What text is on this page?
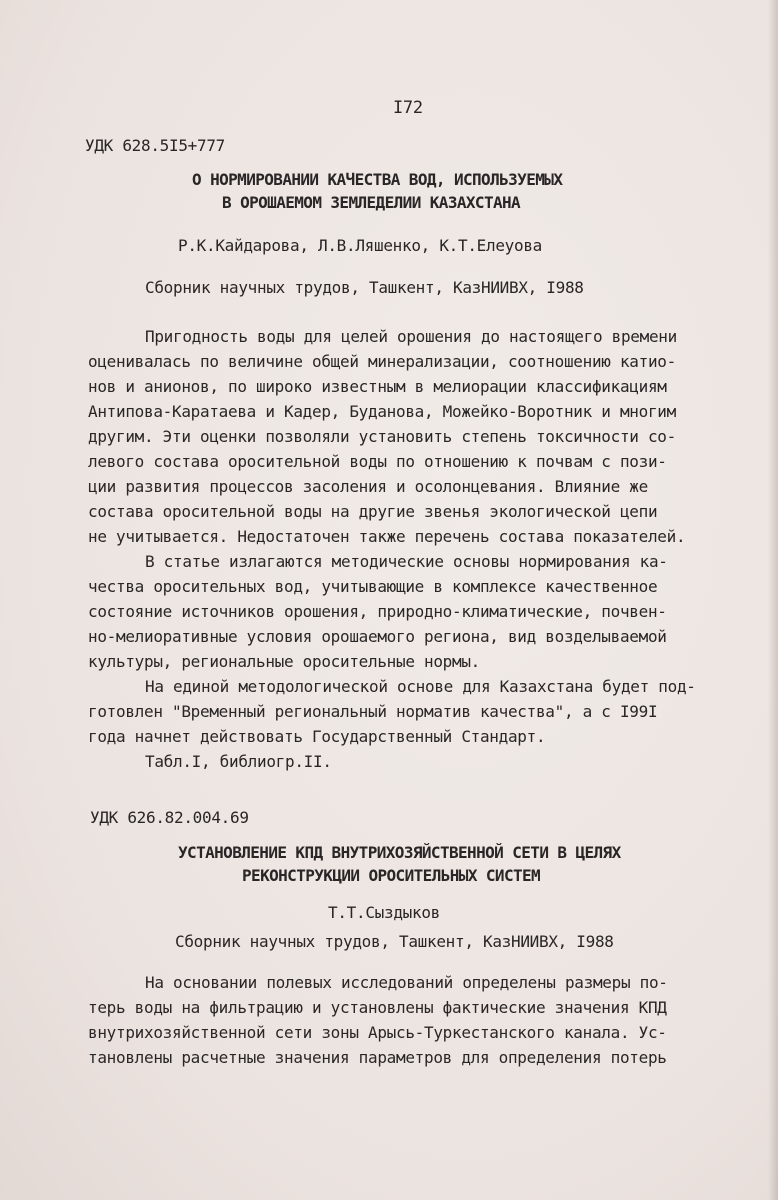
I72
УДК 628.5I5+777
О НОРМИРОВАНИИ КАЧЕСТВА ВОД, ИСПОЛЬЗУЕМЫХ
В ОРОШАЕМОМ ЗЕМЛЕДЕЛИИ КАЗАХСТАНА
Р.К.Кайдарова, Л.В.Ляшенко, К.Т.Елеуова
Сборник научных трудов, Ташкент, КазНИИВХ, I988
Пригодность воды для целей орошения до настоящего времени
оценивалась по величине общей минерализации, соотношению катио-
нов и анионов, по широко известным в мелиорации классификациям
Антипова-Каратаева и Кадер, Буданова, Можейко-Воротник и многим
другим. Эти оценки позволяли установить степень токсичности со-
левого состава оросительной воды по отношению к почвам с пози-
ции развития процессов засоления и осолонцевания. Влияние же
состава оросительной воды на другие звенья экологической цепи
не учитывается. Недостаточен также перечень состава показателей.
В статье излагаются методические основы нормирования ка-
чества оросительных вод, учитывающие в комплексе качественное
состояние источников орошения, природно-климатические, почвен-
но-мелиоративные условия орошаемого региона, вид возделываемой
культуры, региональные оросительные нормы.
На единой методологической основе для Казахстана будет под-
готовлен "Временный региональный норматив качества", а с I99I
года начнет действовать Государственный Стандарт.
Табл.I, библиогр.II.
УДК 626.82.004.69
УСТАНОВЛЕНИЕ КПД ВНУТРИХОЗЯЙСТВЕННОЙ СЕТИ В ЦЕЛЯХ
РЕКОНСТРУКЦИИ ОРОСИТЕЛЬНЫХ СИСТЕМ
Т.Т.Сыздыков
Сборник научных трудов, Ташкент, КазНИИВХ, I988
На основании полевых исследований определены размеры по-
терь воды на фильтрацию и установлены фактические значения КПД
внутрихозяйственной сети зоны Арысь-Туркестанского канала. Ус-
тановлены расчетные значения параметров для определения потерь
